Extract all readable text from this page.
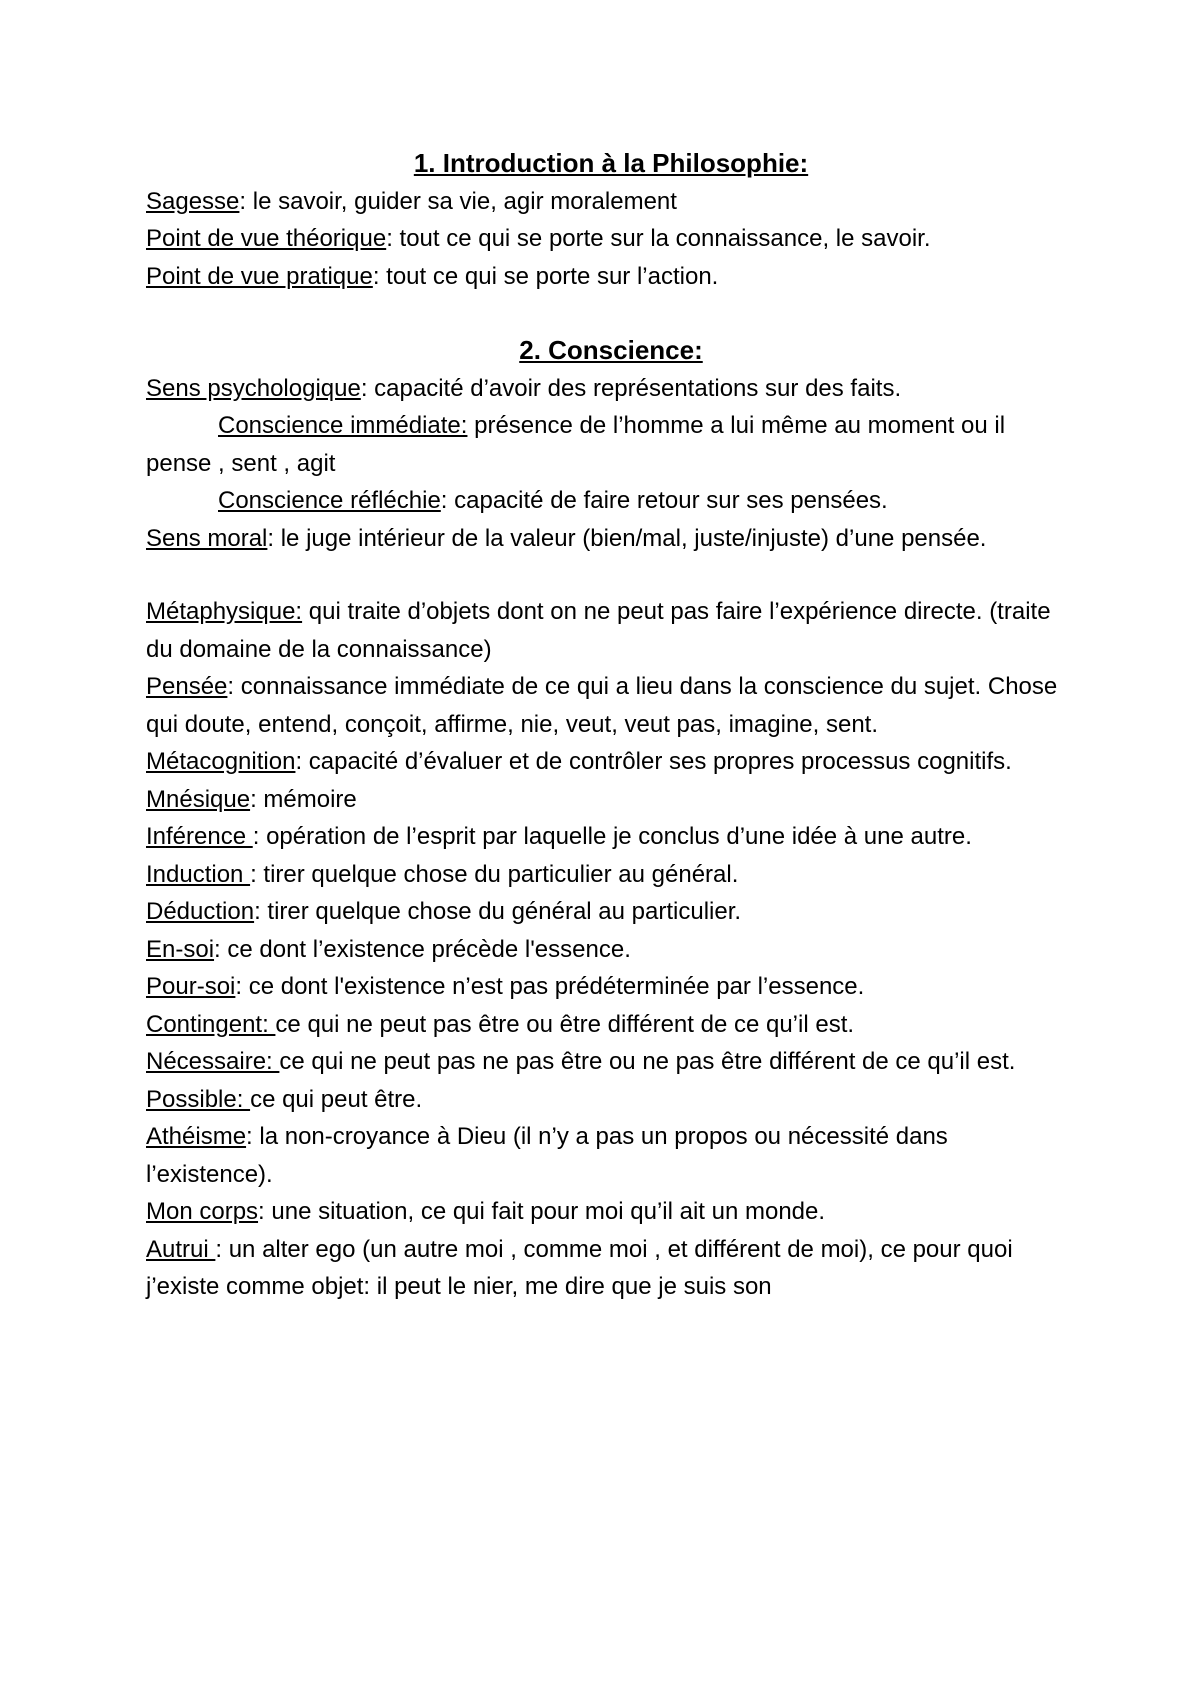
1. Introduction à la Philosophie:

Sagesse: le savoir, guider sa vie, agir moralement

Point de vue théorique: tout ce qui se porte sur la connaissance, le savoir.

Point de vue pratique: tout ce qui se porte sur l’action.

2. Conscience:

Sens psychologique: capacité d’avoir des représentations sur des faits.

Conscience immédiate: présence de l’homme a lui même au moment ou il pense , sent , agit

Conscience réfléchie: capacité de faire retour sur ses pensées.

Sens moral: le juge intérieur de la valeur (bien/mal, juste/injuste) d’une pensée.

Métaphysique: qui traite d’objets dont on ne peut pas faire l’expérience directe. (traite du domaine de la connaissance)

Pensée: connaissance immédiate de ce qui a lieu dans la conscience du sujet. Chose qui doute, entend, conçoit, affirme, nie, veut, veut pas, imagine, sent.

Métacognition: capacité d’évaluer et de contrôler ses propres processus cognitifs.

Mnésique: mémoire

Inférence : opération de l’esprit par laquelle je conclus d’une idée à une autre.

Induction : tirer quelque chose du particulier au général.

Déduction: tirer quelque chose du général au particulier.

En-soi: ce dont l’existence précède l'essence.

Pour-soi: ce dont l'existence n’est pas prédéterminée par l’essence.

Contingent: ce qui ne peut pas être ou être différent de ce qu’il est.

Nécessaire: ce qui ne peut pas ne pas être ou ne pas être différent de ce qu’il est.

Possible: ce qui peut être.

Athéisme: la non-croyance à Dieu (il n’y a pas un propos ou nécessité dans l’existence).

Mon corps: une situation, ce qui fait pour moi qu’il ait un monde.

Autrui : un alter ego (un autre moi , comme moi , et différent de moi), ce pour quoi j’existe comme objet: il peut le nier, me dire que je suis son
